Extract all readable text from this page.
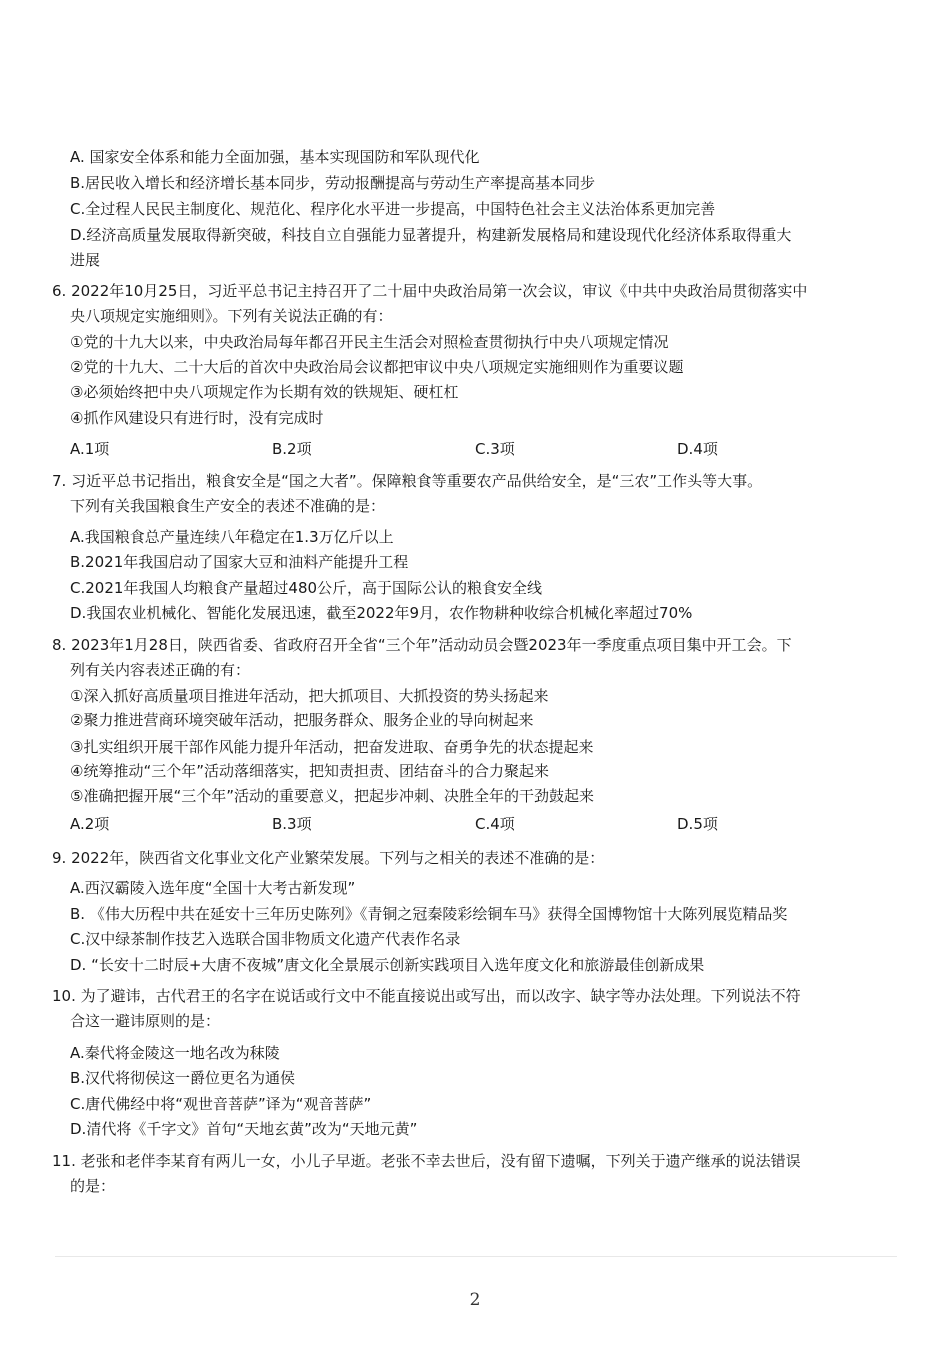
A. 国家安全体系和能力全面加强，基本实现国防和军队现代化
B.居民收入增长和经济增长基本同步，劳动报酬提高与劳动生产率提高基本同步
C.全过程人民民主制度化、规范化、程序化水平进一步提高，中国特色社会主义法治体系更加完善
D.经济高质量发展取得新突破，科技自立自强能力显著提升，构建新发展格局和建设现代化经济体系取得重大
进展
6. 2022年10月25日，习近平总书记主持召开了二十届中央政治局第一次会议，审议《中共中央政治局贯彻落实中
央八项规定实施细则》。下列有关说法正确的有：
①党的十九大以来，中央政治局每年都召开民主生活会对照检查贯彻执行中央八项规定情况
②党的十九大、二十大后的首次中央政治局会议都把审议中央八项规定实施细则作为重要议题
③必须始终把中央八项规定作为长期有效的铁规矩、硬杠杠
④抓作风建设只有进行时，没有完成时
A.1项	B.2项	C.3项	D.4项
7. 习近平总书记指出，粮食安全是“国之大者”。保障粮食等重要农产品供给安全，是“三农”工作头等大事。
下列有关我国粮食生产安全的表述不准确的是：
A.我国粮食总产量连续八年稳定在1.3万亿斤以上
B.2021年我国启动了国家大豆和油料产能提升工程
C.2021年我国人均粮食产量超过480公斤，高于国际公认的粮食安全线
D.我国农业机械化、智能化发展迅速，截至2022年9月，农作物耕种收综合机械化率超过70%
8. 2023年1月28日，陕西省委、省政府召开全省“三个年”活动动员会暨2023年一季度重点项目集中开工会。下
列有关内容表述正确的有：
①深入抓好高质量项目推进年活动，把大抓项目、大抓投资的势头扬起来
②聚力推进营商环境突破年活动，把服务群众、服务企业的导向树起来
③扎实组织开展干部作风能力提升年活动，把奋发进取、奋勇争先的状态提起来
④统筹推动“三个年”活动落细落实，把知责担责、团结奋斗的合力聚起来
⑤准确把握开展“三个年”活动的重要意义，把起步冲刺、决胜全年的干劲鼓起来
A.2项	B.3项	C.4项	D.5项
9. 2022年，陕西省文化事业文化产业繁荣发展。下列与之相关的表述不准确的是：
A.西汉霸陵入选年度“全国十大考古新发现”
B. 《伟大历程中共在延安十三年历史陈列》《青铜之冠秦陵彩绘铜车马》获得全国博物馆十大陈列展览精品奖
C.汉中绿茶制作技艺入选联合国非物质文化遗产代表作名录
D. “长安十二时辰+大唐不夜城”唐文化全景展示创新实践项目入选年度文化和旅游最佳创新成果
10. 为了避讳，古代君王的名字在说话或行文中不能直接说出或写出，而以改字、缺字等办法处理。下列说法不符
合这一避讳原则的是：
A.秦代将金陵这一地名改为秣陵
B.汉代将彻侯这一爵位更名为通侯
C.唐代佛经中将“观世音菩萨”译为“观音菩萨”
D.清代将《千字文》首句“天地玄黄”改为“天地元黄”
11. 老张和老伴李某育有两儿一女，小儿子早逝。老张不幸去世后，没有留下遗嘱，下列关于遗产继承的说法错误
的是：
2
